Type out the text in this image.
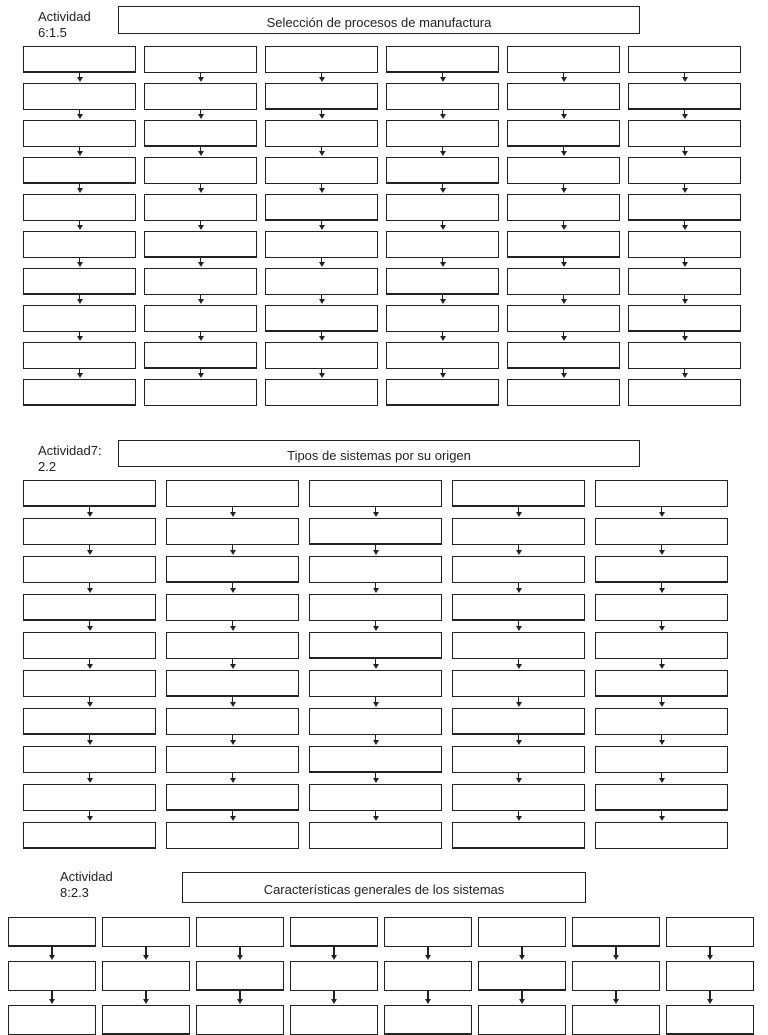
Actividad
6:1.5
Selección de procesos de manufactura
Actividad7:
2.2
Tipos de sistemas por su origen
Actividad
8:2.3	Características generales de los sistemas
